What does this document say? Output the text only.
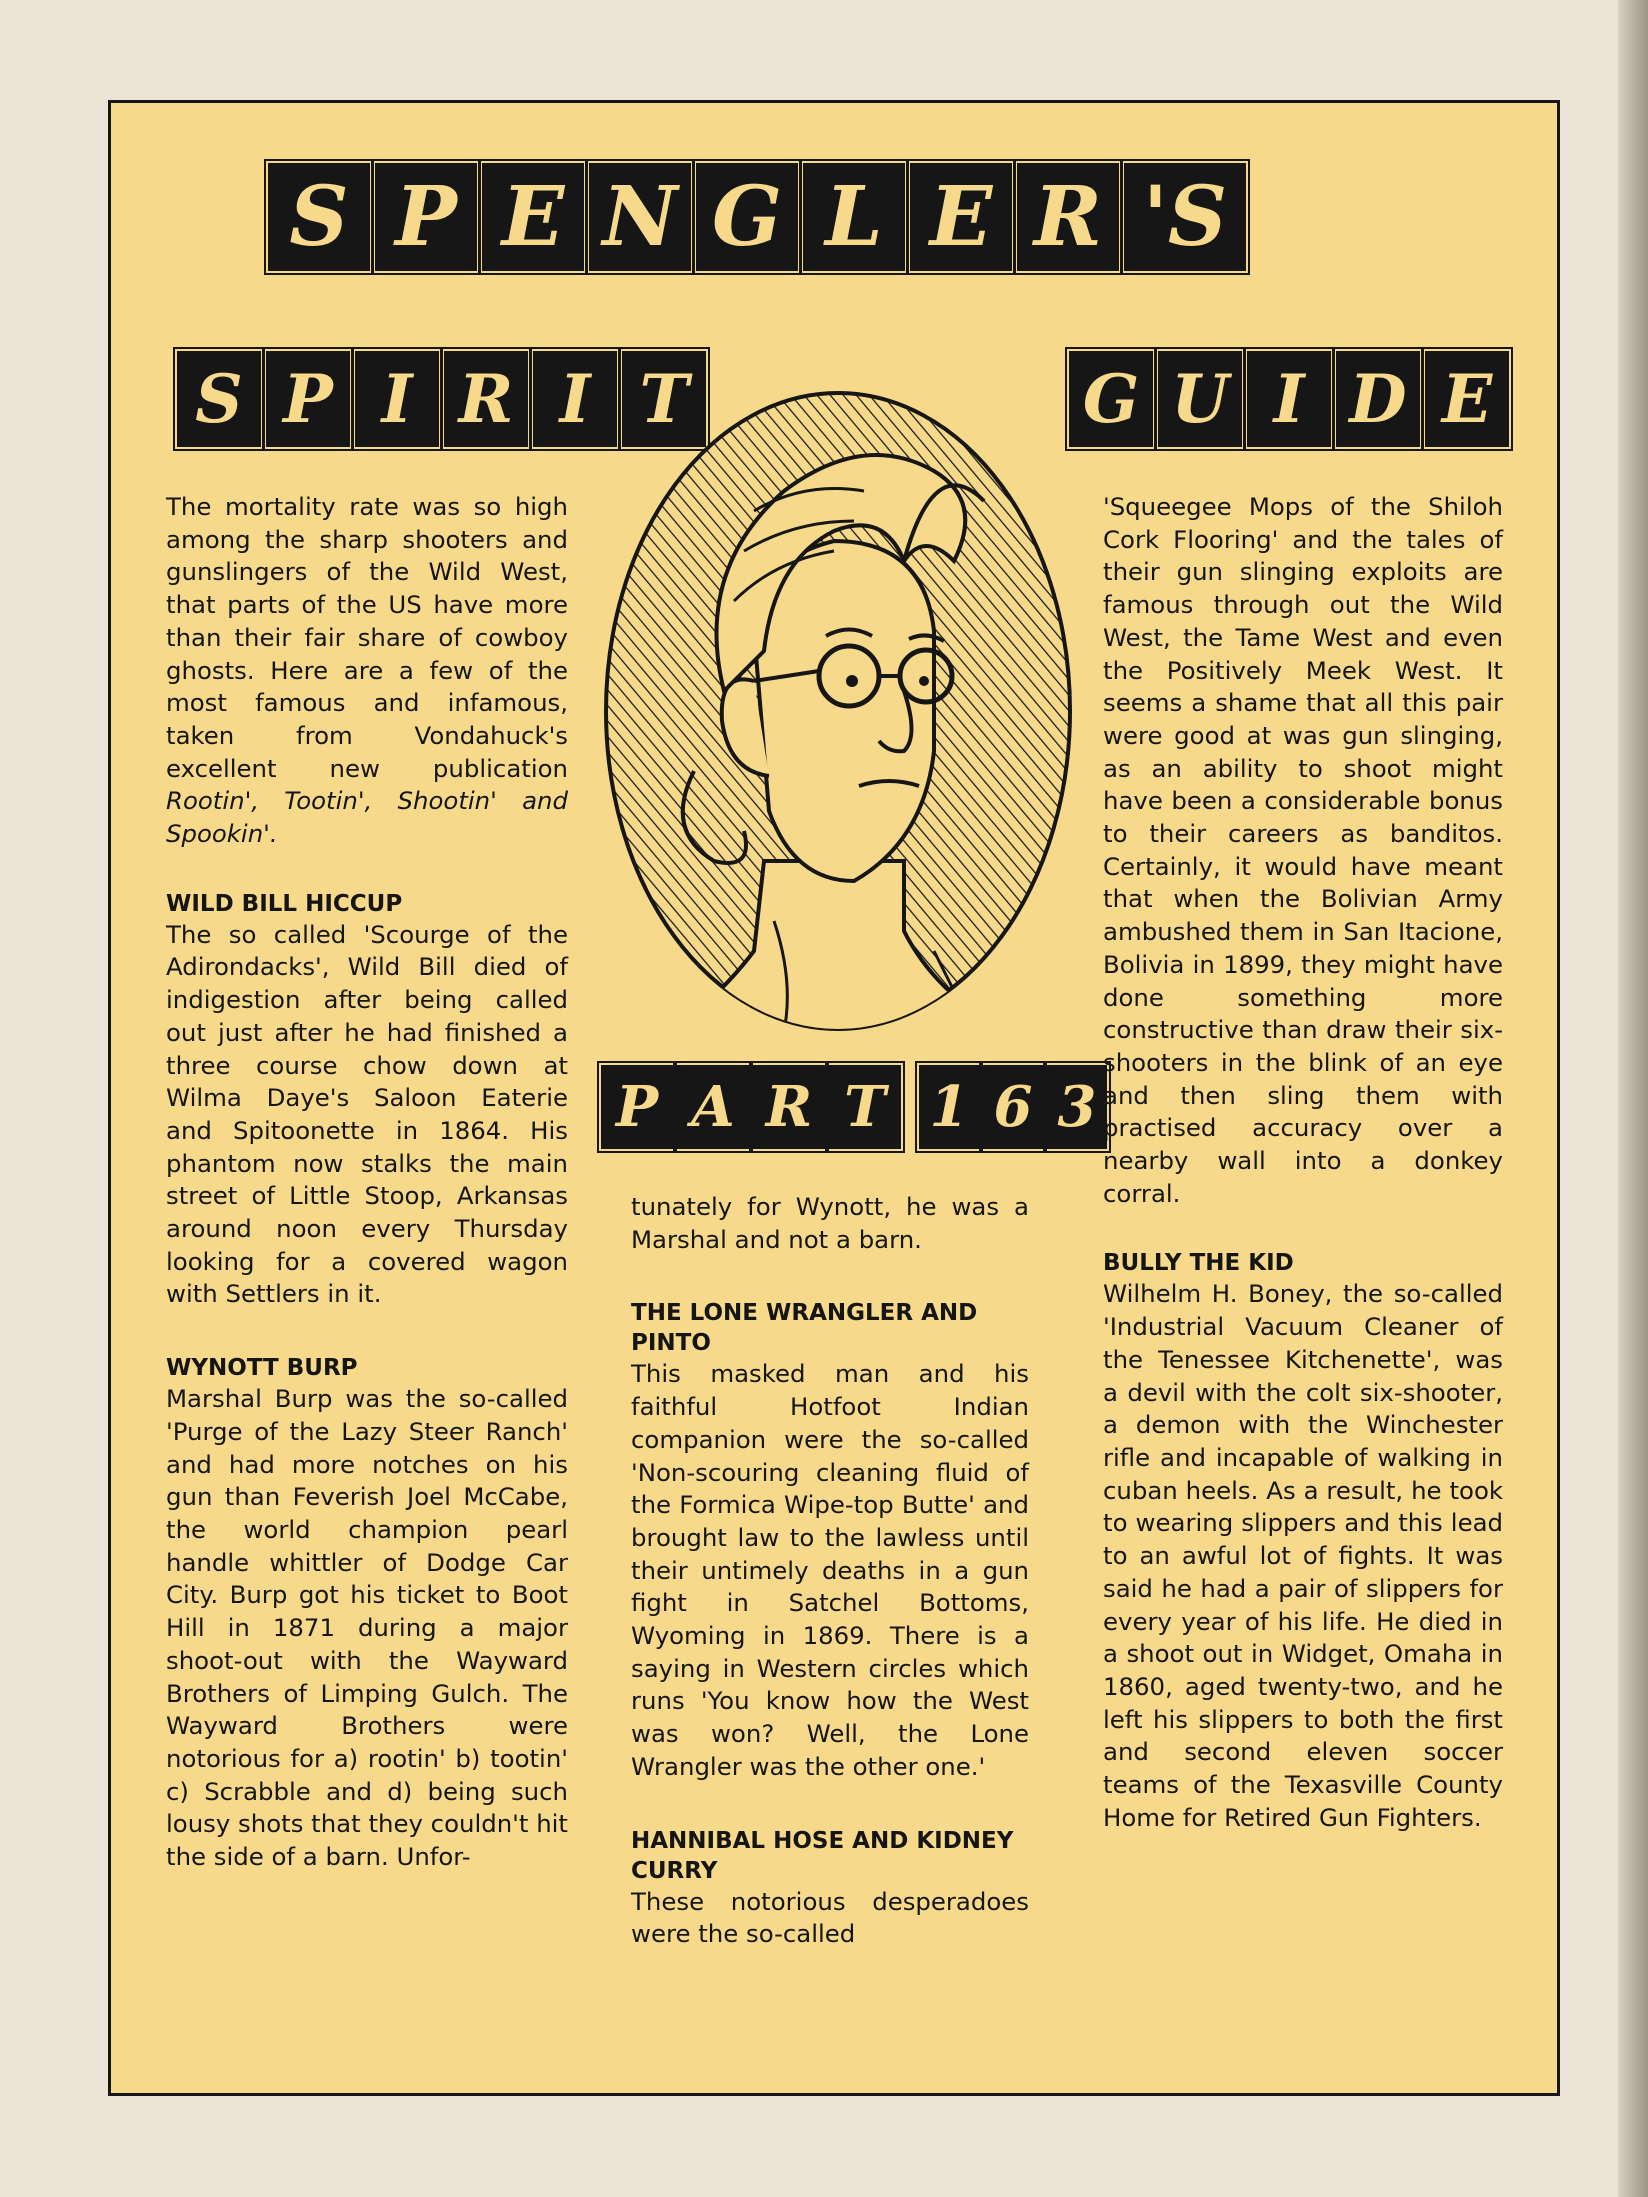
S P E N G L E R 'S
S P I R I T	G U I D E
P A R T 1 6 3

The mortality rate was so high among the sharp shooters and gunslingers of the Wild West, that parts of the US have more than their fair share of cowboy ghosts. Here are a few of the most famous and infamous, taken from Vondahuck's excellent new publication Rootin', Tootin', Shootin' and Spookin'.

WILD BILL HICCUP

The so called 'Scourge of the Adirondacks', Wild Bill died of indigestion after being called out just after he had finished a three course chow down at Wilma Daye's Saloon Eaterie and Spitoonette in 1864. His phantom now stalks the main street of Little Stoop, Arkansas around noon every Thursday looking for a covered wagon with Settlers in it.

WYNOTT BURP

Marshal Burp was the so-called 'Purge of the Lazy Steer Ranch' and had more notches on his gun than Feverish Joel McCabe, the world champion pearl handle whittler of Dodge Car City. Burp got his ticket to Boot Hill in 1871 during a major shoot-out with the Wayward Brothers of Limping Gulch. The Wayward Brothers were notorious for a) rootin' b) tootin' c) Scrabble and d) being such lousy shots that they couldn't hit the side of a barn. Unfor-

tunately for Wynott, he was a Marshal and not a barn.

THE LONE WRANGLER AND PINTO

This masked man and his faithful Hotfoot Indian companion were the so-called 'Non-scouring cleaning fluid of the Formica Wipe-top Butte' and brought law to the lawless until their untimely deaths in a gun fight in Satchel Bottoms, Wyoming in 1869. There is a saying in Western circles which runs 'You know how the West was won? Well, the Lone Wrangler was the other one.'

HANNIBAL HOSE AND KIDNEY CURRY

These notorious desperadoes were the so-called

'Squeegee Mops of the Shiloh Cork Flooring' and the tales of their gun slinging exploits are famous through out the Wild West, the Tame West and even the Positively Meek West. It seems a shame that all this pair were good at was gun slinging, as an ability to shoot might have been a considerable bonus to their careers as banditos. Certainly, it would have meant that when the Bolivian Army ambushed them in San Itacione, Bolivia in 1899, they might have done something more constructive than draw their six-shooters in the blink of an eye and then sling them with practised accuracy over a nearby wall into a donkey corral.

BULLY THE KID

Wilhelm H. Boney, the so-called 'Industrial Vacuum Cleaner of the Tenessee Kitchenette', was a devil with the colt six-shooter, a demon with the Winchester rifle and incapable of walking in cuban heels. As a result, he took to wearing slippers and this lead to an awful lot of fights. It was said he had a pair of slippers for every year of his life. He died in a shoot out in Widget, Omaha in 1860, aged twenty-two, and he left his slippers to both the first and second eleven soccer teams of the Texasville County Home for Retired Gun Fighters.
